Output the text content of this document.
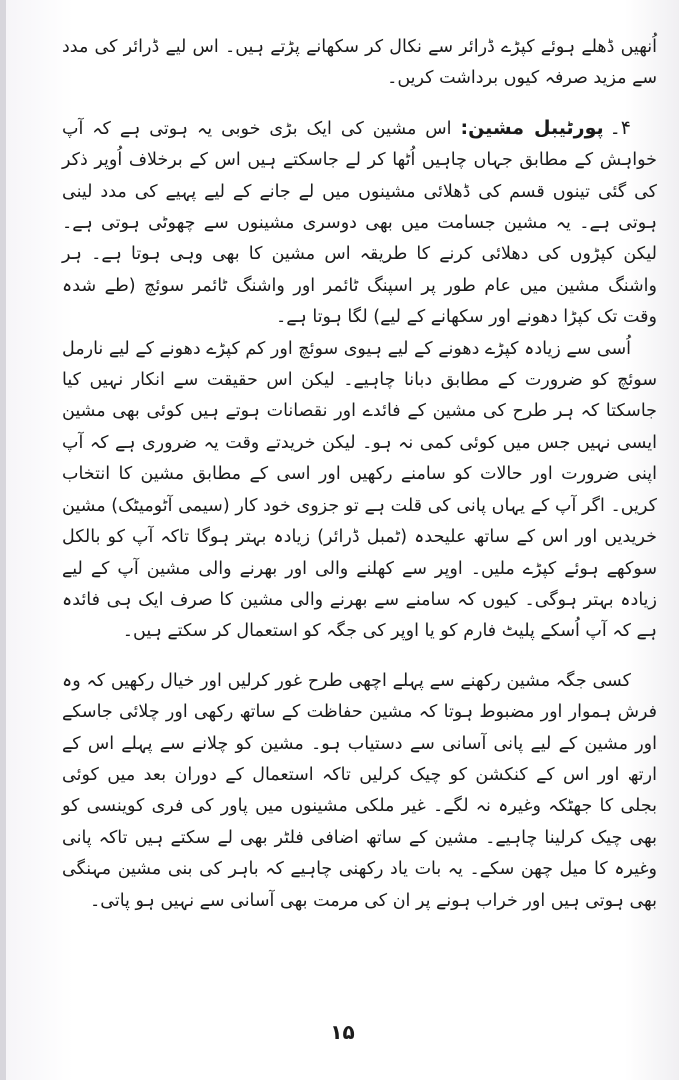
اُنھیں ڈھلے ہوئے کپڑے ڈرائر سے نکال کر سکھانے پڑتے ہیں۔ اس لیے ڈرائر کی مدد سے مزید صرفہ کیوں برداشت کریں۔

۴۔پورٹیبل مشین: اس مشین کی ایک بڑی خوبی یہ ہوتی ہے کہ آپ خواہش کے مطابق جہاں چاہیں اُٹھا کر لے جاسکتے ہیں اس کے برخلاف اُوپر ذکر کی گئی تینوں قسم کی ڈھلائی مشینوں میں لے جانے کے لیے پہیے کی مدد لینی ہوتی ہے۔ یہ مشین جسامت میں بھی دوسری مشینوں سے چھوٹی ہوتی ہے۔ لیکن کپڑوں کی دھلائی کرنے کا طریقہ اس مشین کا بھی وہی ہوتا ہے۔ ہر واشنگ مشین میں عام طور پر اسپنگ ٹائمر اور واشنگ ٹائمر سوئچ (طے شدہ وقت تک کپڑا دھونے اور سکھانے کے لیے) لگا ہوتا ہے۔

اُسی سے زیادہ کپڑے دھونے کے لیے ہیوی سوئچ اور کم کپڑے دھونے کے لیے نارمل سوئچ کو ضرورت کے مطابق دبانا چاہیے۔ لیکن اس حقیقت سے انکار نہیں کیا جاسکتا کہ ہر طرح کی مشین کے فائدے اور نقصانات ہوتے ہیں کوئی بھی مشین ایسی نہیں جس میں کوئی کمی نہ ہو۔ لیکن خریدتے وقت یہ ضروری ہے کہ آپ اپنی ضرورت اور حالات کو سامنے رکھیں اور اسی کے مطابق مشین کا انتخاب کریں۔ اگر آپ کے یہاں پانی کی قلت ہے تو جزوی خود کار (سیمی آٹومیٹک) مشین خریدیں اور اس کے ساتھ علیحدہ (ٹمبل ڈرائر) زیادہ بہتر ہوگا تاکہ آپ کو بالکل سوکھے ہوئے کپڑے ملیں۔ اوپر سے کھلنے والی اور بھرنے والی مشین آپ کے لیے زیادہ بہتر ہوگی۔ کیوں کہ سامنے سے بھرنے والی مشین کا صرف ایک ہی فائدہ ہے کہ آپ اُسکے پلیٹ فارم کو یا اوپر کی جگہ کو استعمال کر سکتے ہیں۔

کسی جگہ مشین رکھنے سے پہلے اچھی طرح غور کرلیں اور خیال رکھیں کہ وہ فرش ہموار اور مضبوط ہوتا کہ مشین حفاظت کے ساتھ رکھی اور چلائی جاسکے اور مشین کے لیے پانی آسانی سے دستیاب ہو۔ مشین کو چلانے سے پہلے اس کے ارتھ اور اس کے کنکشن کو چیک کرلیں تاکہ استعمال کے دوران بعد میں کوئی بجلی کا جھٹکہ وغیرہ نہ لگے۔ غیر ملکی مشینوں میں پاور کی فری کوینسی کو بھی چیک کرلینا چاہیے۔ مشین کے ساتھ اضافی فلٹر بھی لے سکتے ہیں تاکہ پانی وغیرہ کا میل چھن سکے۔ یہ بات یاد رکھنی چاہیے کہ باہر کی بنی مشین مہنگی بھی ہوتی ہیں اور خراب ہونے پر ان کی مرمت بھی آسانی سے نہیں ہو پاتی۔

۱۵
